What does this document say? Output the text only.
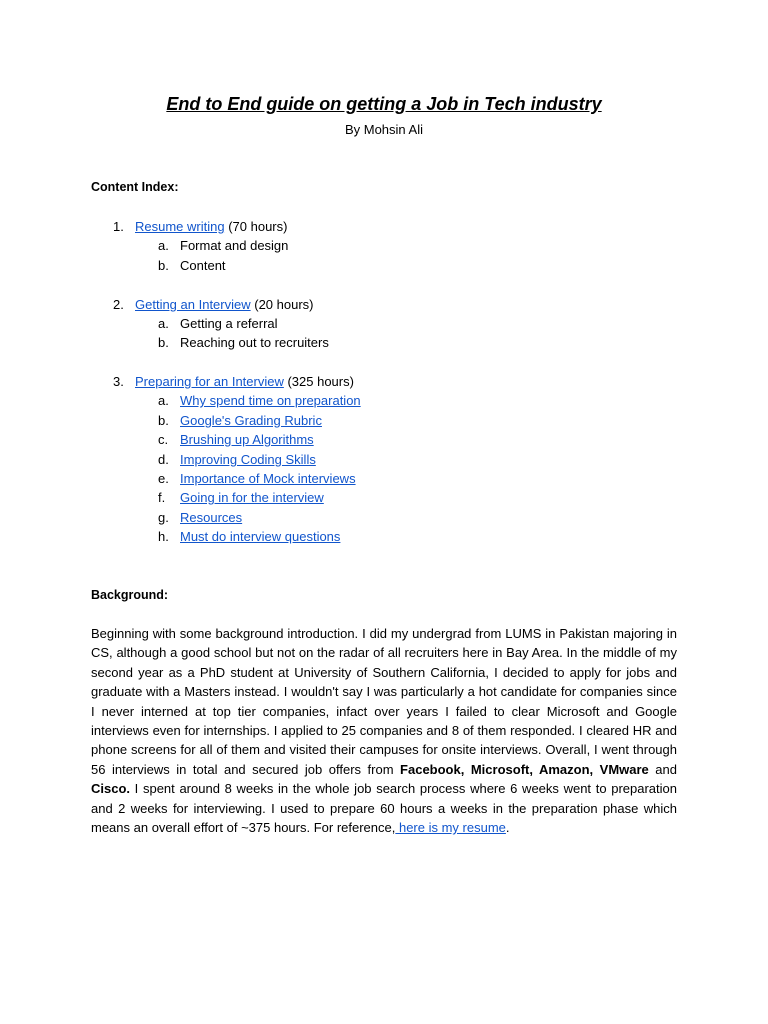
End to End guide on getting a Job in Tech industry

By Mohsin Ali

Content Index:

1. Resume writing (70 hours)

a. Format and design

b. Content

2. Getting an Interview (20 hours)

a. Getting a referral

b. Reaching out to recruiters

3. Preparing for an Interview (325 hours)

a. Why spend time on preparation

b. Google's Grading Rubric

c. Brushing up Algorithms

d. Improving Coding Skills

e. Importance of Mock interviews

f. Going in for the interview

g. Resources

h. Must do interview questions

Background:

Beginning with some background introduction. I did my undergrad from LUMS in Pakistan majoring in CS, although a good school but not on the radar of all recruiters here in Bay Area. In the middle of my second year as a PhD student at University of Southern California, I decided to apply for jobs and graduate with a Masters instead. I wouldn't say I was particularly a hot candidate for companies since I never interned at top tier companies, infact over years I failed to clear Microsoft and Google interviews even for internships. I applied to 25 companies and 8 of them responded. I cleared HR and phone screens for all of them and visited their campuses for onsite interviews. Overall, I went through 56 interviews in total and secured job offers from Facebook, Microsoft, Amazon, VMware and Cisco. I spent around 8 weeks in the whole job search process where 6 weeks went to preparation and 2 weeks for interviewing. I used to prepare 60 hours a weeks in the preparation phase which means an overall effort of ~375 hours. For reference, here is my resume.
